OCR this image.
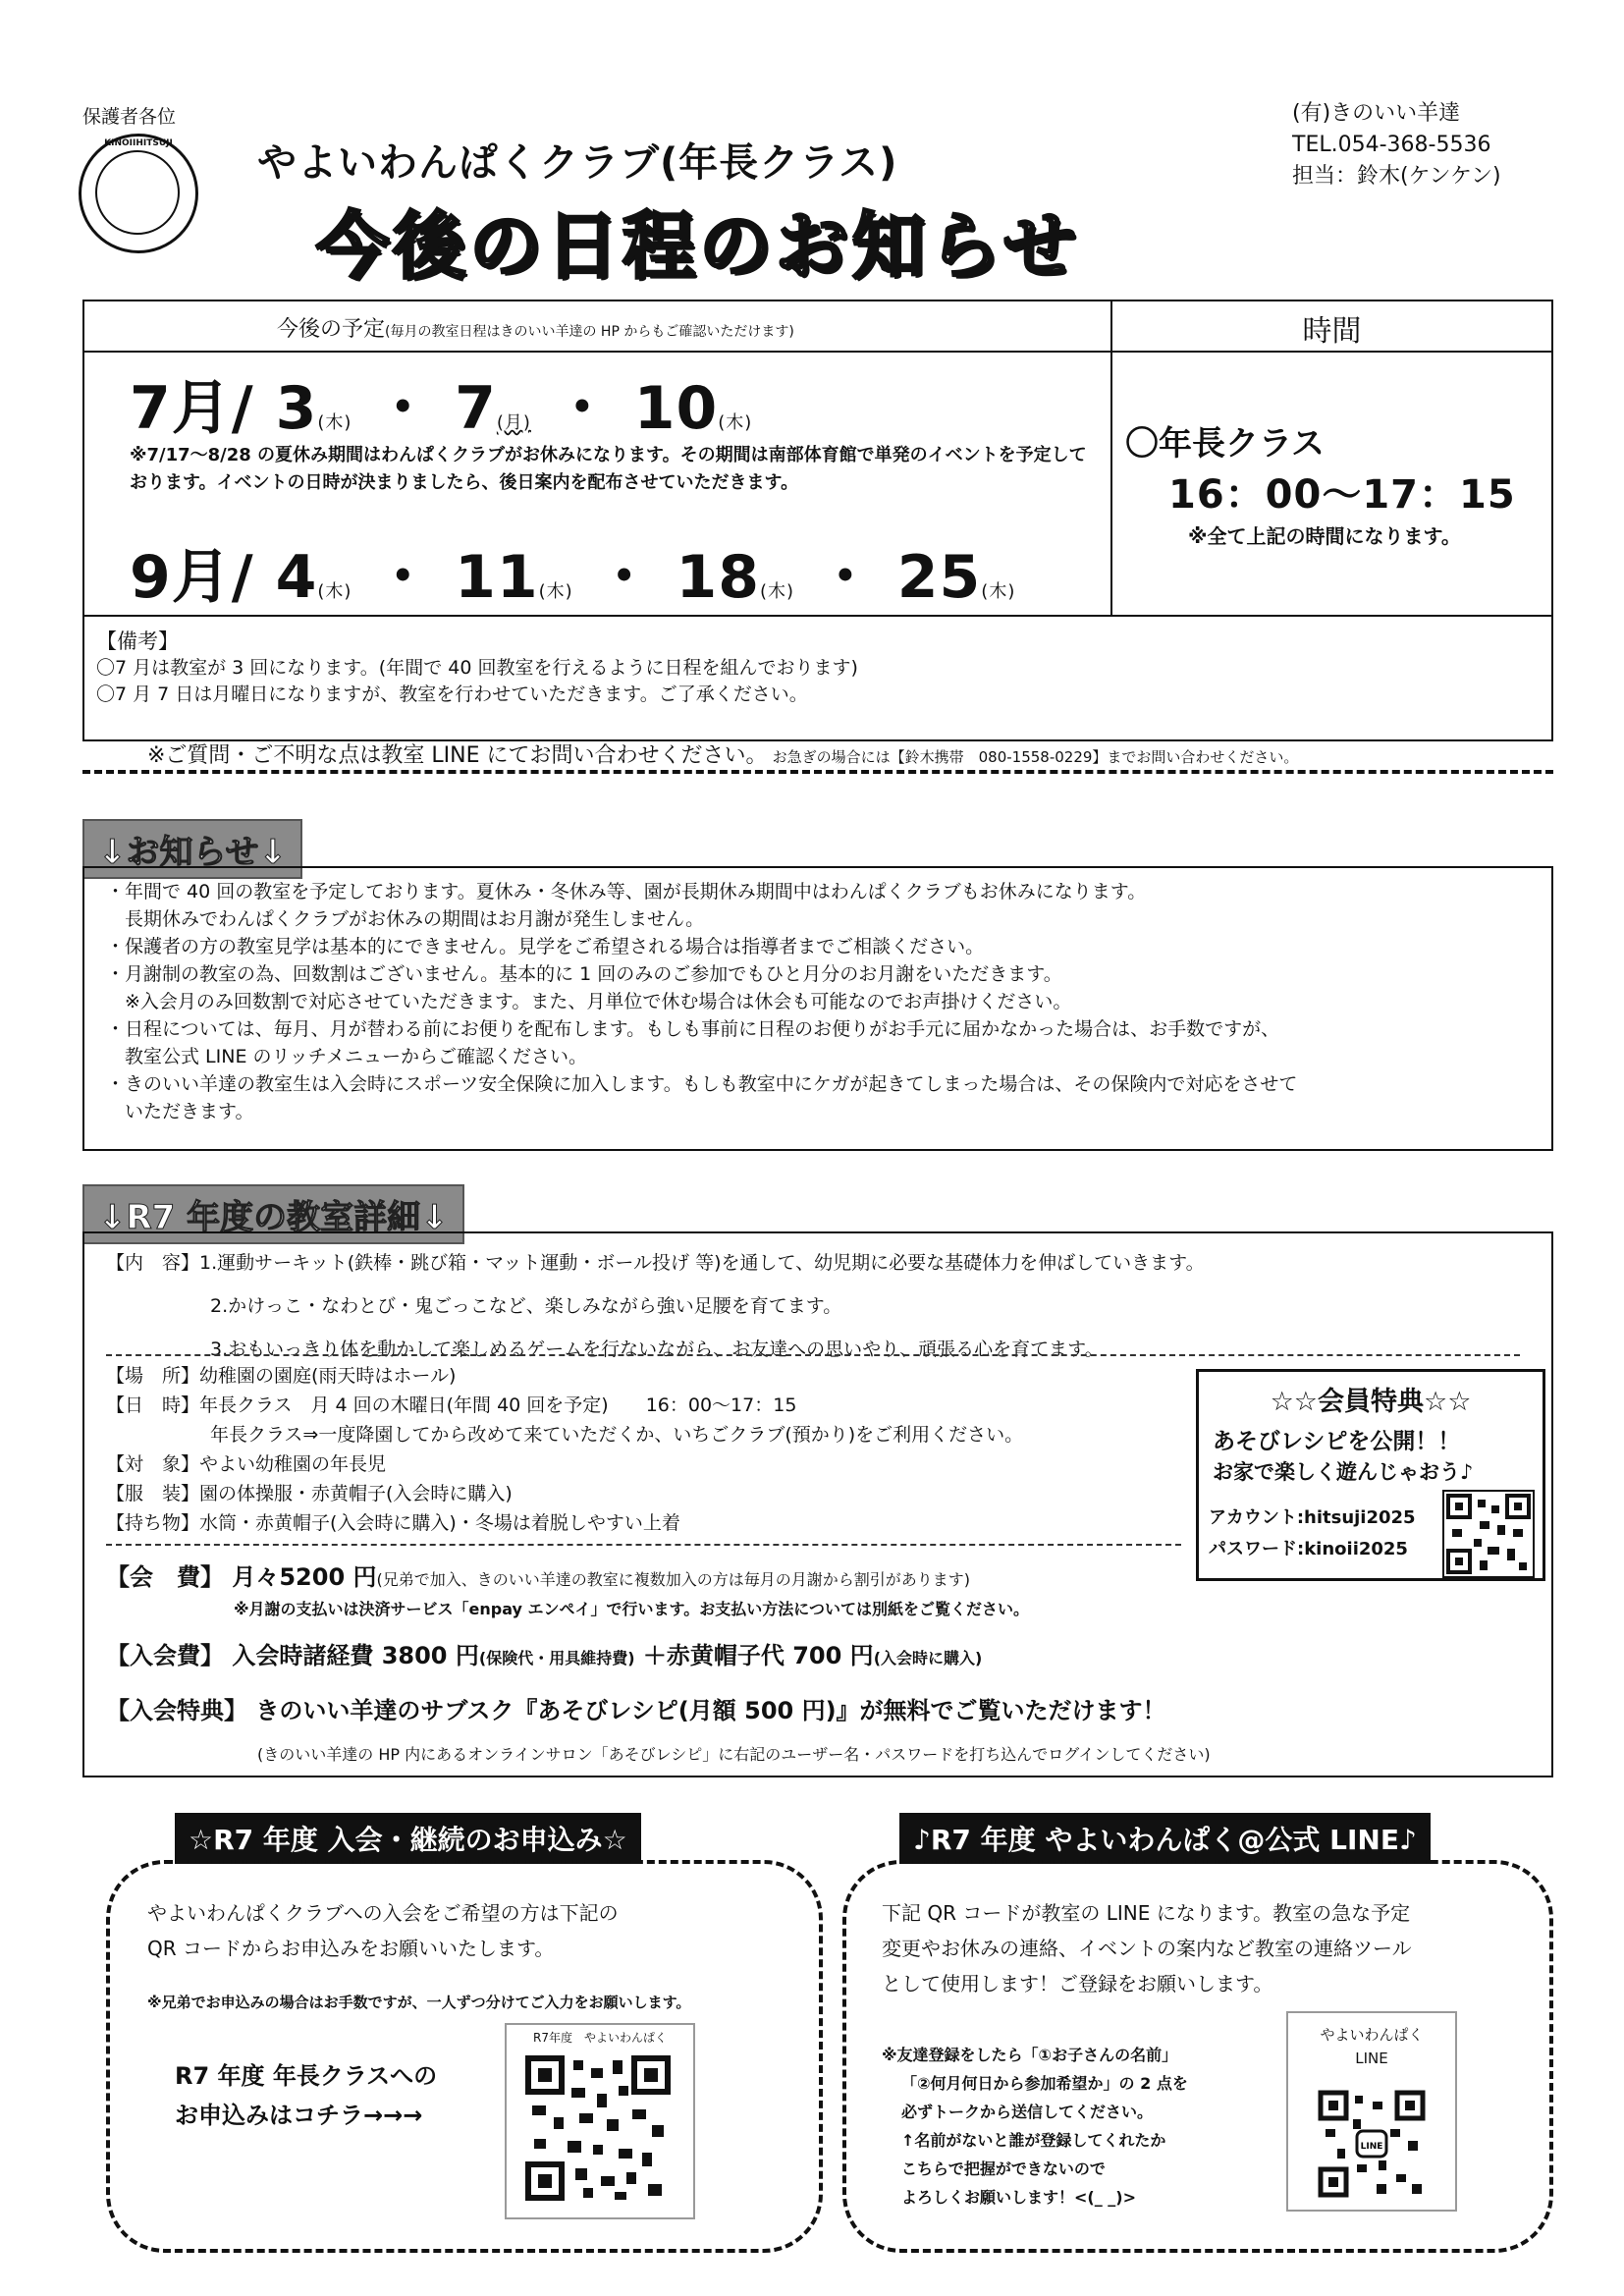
保護者各位
KINOIIHITSUJI	やよいわんぱくクラブ(年長クラス)
今後の日程のお知らせ
(有)きのいい羊達
TEL.054-368-5536
担当：鈴木(ケンケン)
今後の予定(毎月の教室日程はきのいい羊達の HP からもご確認いただけます)	時間
7月/ 3(木) ・ 7(月) ・ 10(木)
※7/17～8/28 の夏休み期間はわんぱくクラブがお休みになります。その期間は南部体育館で単発のイベントを予定しております。イベントの日時が決まりましたら、後日案内を配布させていただきます。
9月/ 4(木) ・ 11(木) ・ 18(木) ・ 25(木)
〇年長クラス
16：00～17：15
※全て上記の時間になります。
【備考】
〇7 月は教室が 3 回になります。(年間で 40 回教室を行えるように日程を組んでおります)
〇7 月 7 日は月曜日になりますが、教室を行わせていただきます。ご了承ください。
※ご質問・ご不明な点は教室 LINE にてお問い合わせください。 お急ぎの場合には【鈴木携帯　080-1558-0229】までお問い合わせください。
↓お知らせ↓
・年間で 40 回の教室を予定しております。夏休み・冬休み等、園が長期休み期間中はわんぱくクラブもお休みになります。
　長期休みでわんぱくクラブがお休みの期間はお月謝が発生しません。
・保護者の方の教室見学は基本的にできません。見学をご希望される場合は指導者までご相談ください。
・月謝制の教室の為、回数割はございません。基本的に 1 回のみのご参加でもひと月分のお月謝をいただきます。
　※入会月のみ回数割で対応させていただきます。また、月単位で休む場合は休会も可能なのでお声掛けください。
・日程については、毎月、月が替わる前にお便りを配布します。もしも事前に日程のお便りがお手元に届かなかった場合は、お手数ですが、
　教室公式 LINE のリッチメニューからご確認ください。
・きのいい羊達の教室生は入会時にスポーツ安全保険に加入します。もしも教室中にケガが起きてしまった場合は、その保険内で対応をさせて
　いただきます。
↓R7 年度の教室詳細↓
【内　容】1.運動サーキット(鉄棒・跳び箱・マット運動・ボール投げ 等)を通して、幼児期に必要な基礎体力を伸ばしていきます。
2.かけっこ・なわとび・鬼ごっこなど、楽しみながら強い足腰を育てます。
3.おもいっきり体を動かして楽しめるゲームを行ないながら、お友達への思いやり、頑張る心を育てます。
【場　所】幼稚園の園庭(雨天時はホール)
【日　時】年長クラス　月 4 回の木曜日(年間 40 回を予定)　　16：00～17：15
年長クラス⇒一度降園してから改めて来ていただくか、いちごクラブ(預かり)をご利用ください。
【対　象】やよい幼稚園の年長児
【服　装】園の体操服・赤黄帽子(入会時に購入)
【持ち物】水筒・赤黄帽子(入会時に購入)・冬場は着脱しやすい上着
☆☆会員特典☆☆
あそびレシピを公開！！
お家で楽しく遊んじゃおう♪
アカウント:hitsuji2025
パスワード:kinoii2025
【会　費】 月々5200 円(兄弟で加入、きのいい羊達の教室に複数加入の方は毎月の月謝から割引があります)
※月謝の支払いは決済サービス「enpay エンペイ」で行います。お支払い方法については別紙をご覧ください。
【入会費】 入会時諸経費 3800 円(保険代・用具維持費) ＋赤黄帽子代 700 円(入会時に購入)
【入会特典】 きのいい羊達のサブスク『あそびレシピ(月額 500 円)』が無料でご覧いただけます！
(きのいい羊達の HP 内にあるオンラインサロン「あそびレシピ」に右記のユーザー名・パスワードを打ち込んでログインしてください)
☆R7 年度 入会・継続のお申込み☆
やよいわんぱくクラブへの入会をご希望の方は下記の
QR コードからお申込みをお願いいたします。
※兄弟でお申込みの場合はお手数ですが、一人ずつ分けてご入力をお願いします。
R7 年度 年長クラスへの
お申込みはコチラ→→→
R7年度　やよいわんぱく
♪R7 年度 やよいわんぱく@公式 LINE♪
下記 QR コードが教室の LINE になります。教室の急な予定
変更やお休みの連絡、イベントの案内など教室の連絡ツール
として使用します！ご登録をお願いします。
※友達登録をしたら「①お子さんの名前」
「②何月何日から参加希望か」の 2 点を
必ずトークから送信してください。
↑名前がないと誰が登録してくれたか
こちらで把握ができないので
よろしくお願いします！<(_ _)>
やよいわんぱく
LINE
LINE
